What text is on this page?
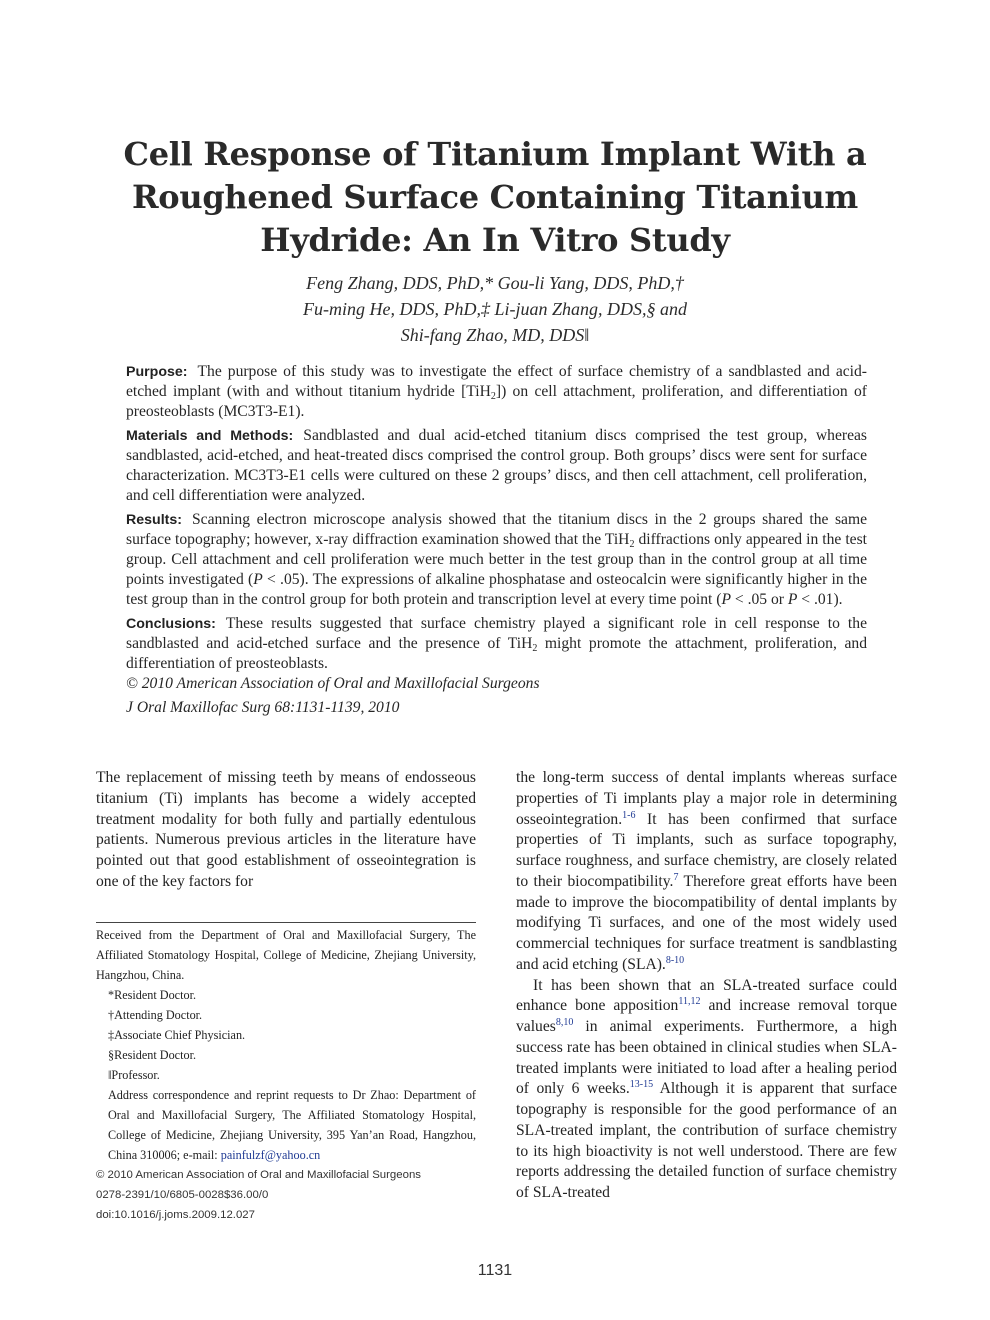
Cell Response of Titanium Implant With a Roughened Surface Containing Titanium Hydride: An In Vitro Study
Feng Zhang, DDS, PhD,* Gou-li Yang, DDS, PhD,†
Fu-ming He, DDS, PhD,‡ Li-juan Zhang, DDS,§ and
Shi-fang Zhao, MD, DDS‖

Purpose: The purpose of this study was to investigate the effect of surface chemistry of a sandblasted and acid-etched implant (with and without titanium hydride [TiH$_2$]) on cell attachment, proliferation, and differentiation of preosteoblasts (MC3T3-E1).

Materials and Methods: Sandblasted and dual acid-etched titanium discs comprised the test group, whereas sandblasted, acid-etched, and heat-treated discs comprised the control group. Both groups’ discs were sent for surface characterization. MC3T3-E1 cells were cultured on these 2 groups’ discs, and then cell attachment, cell proliferation, and cell differentiation were analyzed.

Results: Scanning electron microscope analysis showed that the titanium discs in the 2 groups shared the same surface topography; however, x-ray diffraction examination showed that the TiH$_2$ diffractions only appeared in the test group. Cell attachment and cell proliferation were much better in the test group than in the control group at all time points investigated (P < .05). The expressions of alkaline phosphatase and osteocalcin were significantly higher in the test group than in the control group for both protein and transcription level at every time point (P < .05 or P < .01).

Conclusions: These results suggested that surface chemistry played a significant role in cell response to the sandblasted and acid-etched surface and the presence of TiH$_2$ might promote the attachment, proliferation, and differentiation of preosteoblasts.

© 2010 American Association of Oral and Maxillofacial Surgeons

J Oral Maxillofac Surg 68:1131-1139, 2010

The replacement of missing teeth by means of endosseous titanium (Ti) implants has become a widely accepted treatment modality for both fully and partially edentulous patients. Numerous previous articles in the literature have pointed out that good establishment of osseointegration is one of the key factors for

Received from the Department of Oral and Maxillofacial Surgery, The Affiliated Stomatology Hospital, College of Medicine, Zhejiang University, Hangzhou, China.

*Resident Doctor.

†Attending Doctor.

‡Associate Chief Physician.

§Resident Doctor.

‖Professor.

Address correspondence and reprint requests to Dr Zhao: Department of Oral and Maxillofacial Surgery, The Affiliated Stomatology Hospital, College of Medicine, Zhejiang University, 395 Yan’an Road, Hangzhou, China 310006; e-mail: painfulzf@yahoo.cn

© 2010 American Association of Oral and Maxillofacial Surgeons

0278-2391/10/6805-0028$36.00/0

doi:10.1016/j.joms.2009.12.027

the long-term success of dental implants whereas surface properties of Ti implants play a major role in determining osseointegration.$^{1-6}$ It has been confirmed that surface properties of Ti implants, such as surface topography, surface roughness, and surface chemistry, are closely related to their biocompatibility.$^7$ Therefore great efforts have been made to improve the biocompatibility of dental implants by modifying Ti surfaces, and one of the most widely used commercial techniques for surface treatment is sandblasting and acid etching (SLA).$^{8-10}$

It has been shown that an SLA-treated surface could enhance bone apposition$^{11,12}$ and increase removal torque values$^{8,10}$ in animal experiments. Furthermore, a high success rate has been obtained in clinical studies when SLA-treated implants were initiated to load after a healing period of only 6 weeks.$^{13-15}$ Although it is apparent that surface topography is responsible for the good performance of an SLA-treated implant, the contribution of surface chemistry to its high bioactivity is not well understood. There are few reports addressing the detailed function of surface chemistry of SLA-treated

1131
